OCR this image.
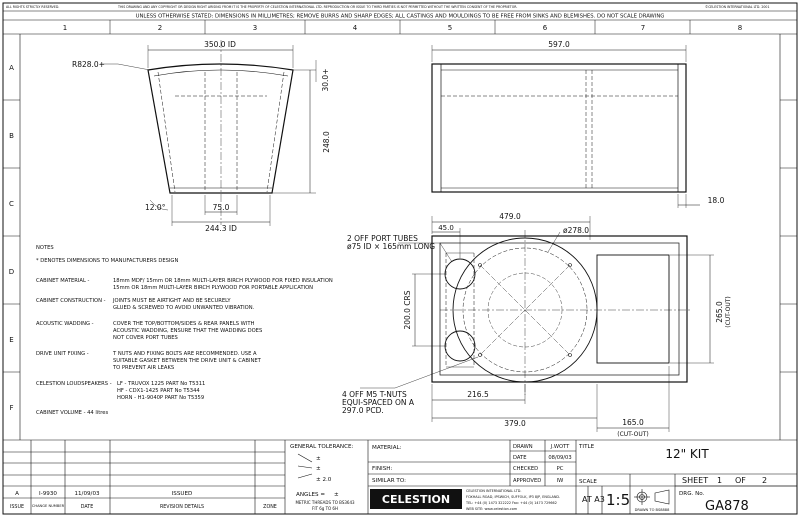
ALL RIGHTS STRICTLY RESERVED.	THIS DRAWING AND ANY COPYRIGHT OR DESIGN RIGHT ARISING FROM IT IS THE PROPERTY OF CELESTION INTERNATIONAL LTD. REPRODUCTION OR ISSUE TO THIRD PARTIES IS NOT PERMITTED WITHOUT THE WRITTEN CONSENT OF THE PROPRIETOR.	©CELESTION INTERNATIONAL LTD. 2001
UNLESS OTHERWISE STATED: DIMENSIONS IN MILLIMETRES; REMOVE BURRS AND SHARP EDGES; ALL CASTINGS AND MOULDINGS TO BE FREE FROM SINKS AND BLEMISHES. DO NOT SCALE DRAWING
1	2	3	4	5	6	7	8
A
B
C
D
E
F
350.0 ID
R828.0+
30.0+
248.0
12.0°	75.0
244.3 ID
597.0
18.0
479.0
45.0	ø278.0
2 OFF PORT TUBES
ø75 ID × 165mm LONG
200.0 CRS	265.0 (CUT-OUT)
4 OFF M5 T-NUTS
EQUI-SPACED ON A
297.0 PCD.
216.5
379.0	165.0
(CUT-OUT)
NOTES
* DENOTES DIMENSIONS TO MANUFACTURERS DESIGN
CABINET MATERIAL -	18mm MDF/ 15mm OR 18mm MULTI-LAYER BIRCH PLYWOOD FOR FIXED INSULATION
15mm OR 18mm MULTI-LAYER BIRCH PLYWOOD FOR PORTABLE APPLICATION
CABINET CONSTRUCTION - JOINTS MUST BE AIRTIGHT AND BE SECURELY
GLUED & SCREWED TO AVOID UNWANTED VIBRATION.
ACOUSTIC WADDING -	COVER THE TOP/BOTTOM/SIDES & REAR PANELS WITH
ACOUSTIC WADDING, ENSURE THAT THE WADDING DOES
NOT COVER PORT TUBES
DRIVE UNIT FIXING -	T NUTS AND FIXING BOLTS ARE RECOMMENDED. USE A
SUITABLE GASKET BETWEEN THE DRIVE UNIT & CABINET
TO PREVENT AIR LEAKS
CELESTION LOUDSPEAKERS - LF - TRUVOX 1225 PART No T5311
HF - CDX1-1425 PART No T5344
HORN - H1-9040P PART No T5359
CABINET VOLUME - 44 litres
A	I-9930	11/09/03	ISSUED
ISSUE CHANGE NUMBER	DATE	REVISION DETAILS	ZONE
GENERAL TOLERANCE:
±
±
± 2.0
ANGLES = ±
METRIC THREADS TO BS3643
FIT 6g TO 6H
MATERIAL:
FINISH:
SIMILAR TO:
DRAWN	J.WOTT
DATE	08/09/03
CHECKED	PC
APPROVED	IW
TITLE	12" KIT
SCALE
AT A3 1:5
DRAWN TO BS8888
SHEET 1 OF 2
DRG. No.
GA878
CELESTION
CELESTION INTERNATIONAL LTD.
FOXHALL ROAD, IPSWICH, SUFFOLK, IP3 8JP, ENGLAND.
TEL: +44 (0) 1473 322222 Fax: +44 (0) 1473 729662
WEB SITE: www.celestion.com
